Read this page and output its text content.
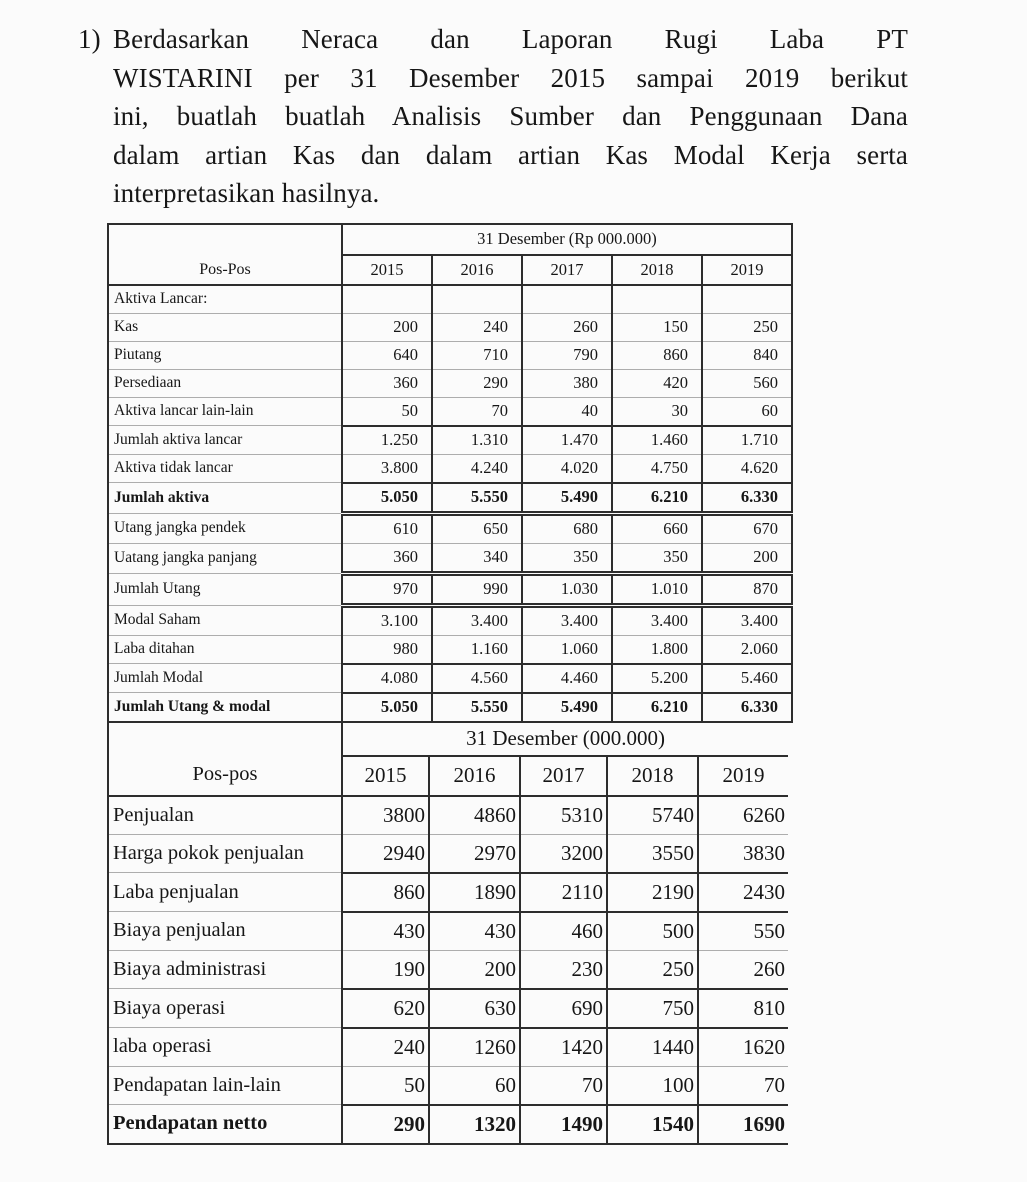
1) Berdasarkan Neraca dan Laporan Rugi Laba PT
WISTARINI per 31 Desember 2015 sampai 2019 berikut
ini, buatlah buatlah Analisis Sumber dan Penggunaan Dana
dalam artian Kas dan dalam artian Kas Modal Kerja serta
interpretasikan hasilnya.
Pos-Pos	31 Desember (Rp 000.000)				
	2015	2016	2017	2018	2019
Aktiva Lancar:					
Kas	200	240	260	150	250
Piutang	640	710	790	860	840
Persediaan	360	290	380	420	560
Aktiva lancar lain-lain	50	70	40	30	60
Jumlah aktiva lancar	1.250	1.310	1.470	1.460	1.710
Aktiva tidak lancar	3.800	4.240	4.020	4.750	4.620
Jumlah aktiva	5.050	5.550	5.490	6.210	6.330
Utang jangka pendek	610	650	680	660	670
Uatang jangka panjang	360	340	350	350	200
Jumlah Utang	970	990	1.030	1.010	870
Modal Saham	3.100	3.400	3.400	3.400	3.400
Laba ditahan	980	1.160	1.060	1.800	2.060
Jumlah Modal	4.080	4.560	4.460	5.200	5.460
Jumlah Utang & modal	5.050	5.550	5.490	6.210	6.330
Pos-pos	31 Desember (000.000)				
	2015	2016	2017	2018	2019
Penjualan	3800	4860	5310	5740	6260
Harga pokok penjualan	2940	2970	3200	3550	3830
Laba penjualan	860	1890	2110	2190	2430
Biaya penjualan	430	430	460	500	550
Biaya administrasi	190	200	230	250	260
Biaya operasi	620	630	690	750	810
laba operasi	240	1260	1420	1440	1620
Pendapatan lain-lain	50	60	70	100	70
Pendapatan netto	290	1320	1490	1540	1690
